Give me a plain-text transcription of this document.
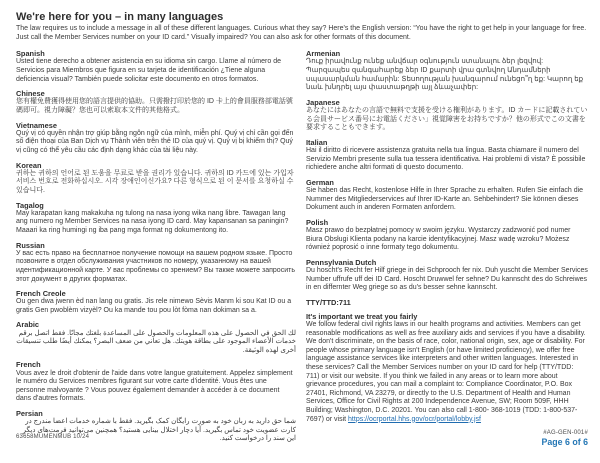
We're here for you – in many languages
The law requires us to include a message in all of these different languages. Curious what they say? Here's the English version: “You have the right to get help in your language for free. Just call the Member Services number on your ID card.” Visually impaired? You can also ask for other formats of this document.
Spanish
Usted tiene derecho a obtener asistencia en su idioma sin cargo. Llame al número de Servicios para Miembros que figura en su tarjeta de identificación ¿Tiene alguna deficiencia visual? También puede solicitar este documento en otros formatos.
Chinese
您有權免費獲得使用您的語言提供的協助。只需撥打印於您的 ID 卡上的會員服務部電話號碼即可。視力障礙？您也可以索取本文件的其他格式。
Vietnamese
Quý vị có quyền nhận trợ giúp bằng ngôn ngữ của mình, miễn phí. Quý vị chỉ cần gọi đến số điện thoại của Ban Dịch vụ Thành viên trên thẻ ID của quý vị. Quý vị bị khiếm thị? Quý vị cũng có thể yêu cầu các định dạng khác của tài liệu này.
Korean
귀하는 귀하의 언어로 된 도움을 무료로 받을 권리가 있습니다. 귀하의 ID 카드에 있는 가입자 서비스 번호로 전화하십시오. 시각 장애인이신가요? 다른 형식으로 된 이 문서를 요청하실 수 있습니다.
Tagalog
May karapatan kang makakuha ng tulong na nasa iyong wika nang libre. Tawagan lang ang numero ng Member Services na nasa iyong ID card. May kapansanan sa paningin? Maaari ka ring humingi ng iba pang mga format ng dokumentong ito.
Russian
У вас есть право на бесплатное получение помощи на вашем родном языке. Просто позвоните в отдел обслуживания участников по номеру, указанному на вашей идентификационной карте. У вас проблемы со зрением? Вы также можете запросить этот документ в других форматах.
French Creole
Ou gen dwa jwenn èd nan lang ou gratis. Jis rele nimewo Sèvis Manm ki sou Kat ID ou a gratis Gen pwoblèm vizyèl? Ou ka mande tou pou lòt fòma nan dokiman sa a.
Arabic
لك الحق في الحصول على هذه المعلومات والحصول على المساعدة بلغتك مجانًا. فقط اتصل برقم خدمات الأعضاء الموجود على بطاقة هويتك. هل تعاني من ضعف البصر؟ يمكنك أيضًا طلب تنسيقات أخرى لهذه الوثيقة.
French
Vous avez le droit d'obtenir de l'aide dans votre langue gratuitement. Appelez simplement le numéro du Services membres figurant sur votre carte d'identité. Vous êtes une personne malvoyante ? Vous pouvez également demander à accéder à ce document dans d'autres formats.
Persian
شما حق دارید به زبان خود به صورت رایگان کمک بگیرید. فقط با شماره خدمات اعضا مندرج در کارت عضویت خود تماس بگیرید. آیا دچار اختلال بینایی هستید؟ همچنین می‌توانید فرمت‌های دیگر این سند را درخواست کنید.
Armenian
Դուք իրավունք ունեք անվճար օգնություն ստանալու ձեր լեզվով: Պարզապես զանգահարեք ձեր ID քարտի վրա գտնվող Անդամների սպասարկման համարին: Տեսողության խանգարում ունեցո՞ղ եք: Կարող եք նաև խնդրել այս փաստաթղթի այլ ձևաչափեր:
Japanese
あなたにはあなたの言語で無料で支援を受ける権利があります。ID カードに記載されている会員サービス番号にお電話ください」視覚障害をお持ちですか？他の形式でこの文書を要求することもできます。
Italian
Hai il diritto di ricevere assistenza gratuita nella tua lingua. Basta chiamare il numero del Servizio Membri presente sulla tua tessera identificativa. Hai problemi di vista? È possibile richiedere anche altri formati di questo documento.
German
Sie haben das Recht, kostenlose Hilfe in Ihrer Sprache zu erhalten. Rufen Sie einfach die Nummer des Mitgliederservices auf Ihrer ID-Karte an. Sehbehindert? Sie können dieses Dokument auch in anderen Formaten anfordern.
Polish
Masz prawo do bezpłatnej pomocy w swoim języku. Wystarczy zadzwonić pod numer Biura Obsługi Klienta podany na karcie identyfikacyjnej. Masz wadę wzroku? Możesz również poprosić o inne formaty tego dokumentu.
Pennsylvania Dutch
Du hoscht's Recht fer Hilf griege in dei Schprooch fer nix. Duh yuscht die Member Services Number uffrufe uff dei ID Card. Hoscht Druwwel fer sehne? Du kannscht des do Schreiwes in en differnter Weg griege so as du's besser sehne kannscht.
TTY/TTD:711
It's important we treat you fairly
We follow federal civil rights laws in our health programs and activities. Members can get reasonable modifications as well as free auxiliary aids and services if you have a disability. We don't discriminate, on the basis of race, color, national origin, sex, age or disability. For people whose primary language isn't English (or have limited proficiency), we offer free language assistance services like interpreters and other written languages. Interested in these services? Call the Member Services number on your ID card for help (TTY/TDD: 711) or visit our website. If you think we failed in any areas or to learn more about grievance procedures, you can mail a complaint to: Compliance Coordinator, P.O. Box 27401, Richmond, VA 23279, or directly to the U.S. Department of Health and Human Services, Office for Civil Rights at 200 Independence Avenue, SW; Room 509F, HHH Building; Washington, D.C. 20201. You can also call 1-800- 368-1019 (TDD: 1-800-537-7697) or visit https://ocrportal.hhs.gov/ocr/portal/lobby.jsf
63658MUMENMUB 10/24
#AG-GEN-001#
Page 6 of 6
